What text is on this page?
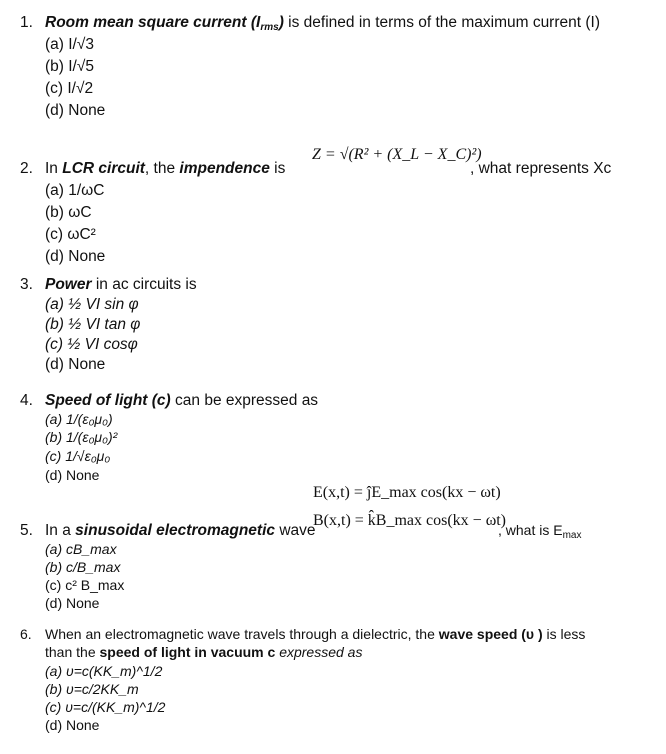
1. Room mean square current $(I_{rms})$ is defined in terms of the maximum current (I)
(a) I/√3
(b) I/√5
(c) I/√2
(d) None
2. In LCR circuit, the impendence is
Z = √(R² + (X_L − X_C)²)
, what represents Xc
(a) 1/ωC
(b) ωC
(c) ωC²
(d) None
3. Power in ac circuits is
(a) ½ VI sin φ
(b) ½ VI tan φ
(c) ½ VI cosφ
(d) None
4. Speed of light (c) can be expressed as
(a) 1/(ε₀μ₀)
(b) 1/(ε₀μ₀)²
(c) 1/√ε₀μ₀
(d) None
E(x,t) = ĵE_max cos(kx − ωt)
B(x,t) = k̂B_max cos(kx − ωt)
5. In a sinusoidal electromagnetic wave	, what is $E_{max}$
(a) cB_max
(b) c/B_max
(c) c² B_max
(d) None
6. When an electromagnetic wave travels through a dielectric, the wave speed (υ ) is less
than the speed of light in vacuum c expressed as
(a) υ=c(KK_m)^1/2
(b) υ=c/2KK_m
(c) υ=c/(KK_m)^1/2
(d) None
